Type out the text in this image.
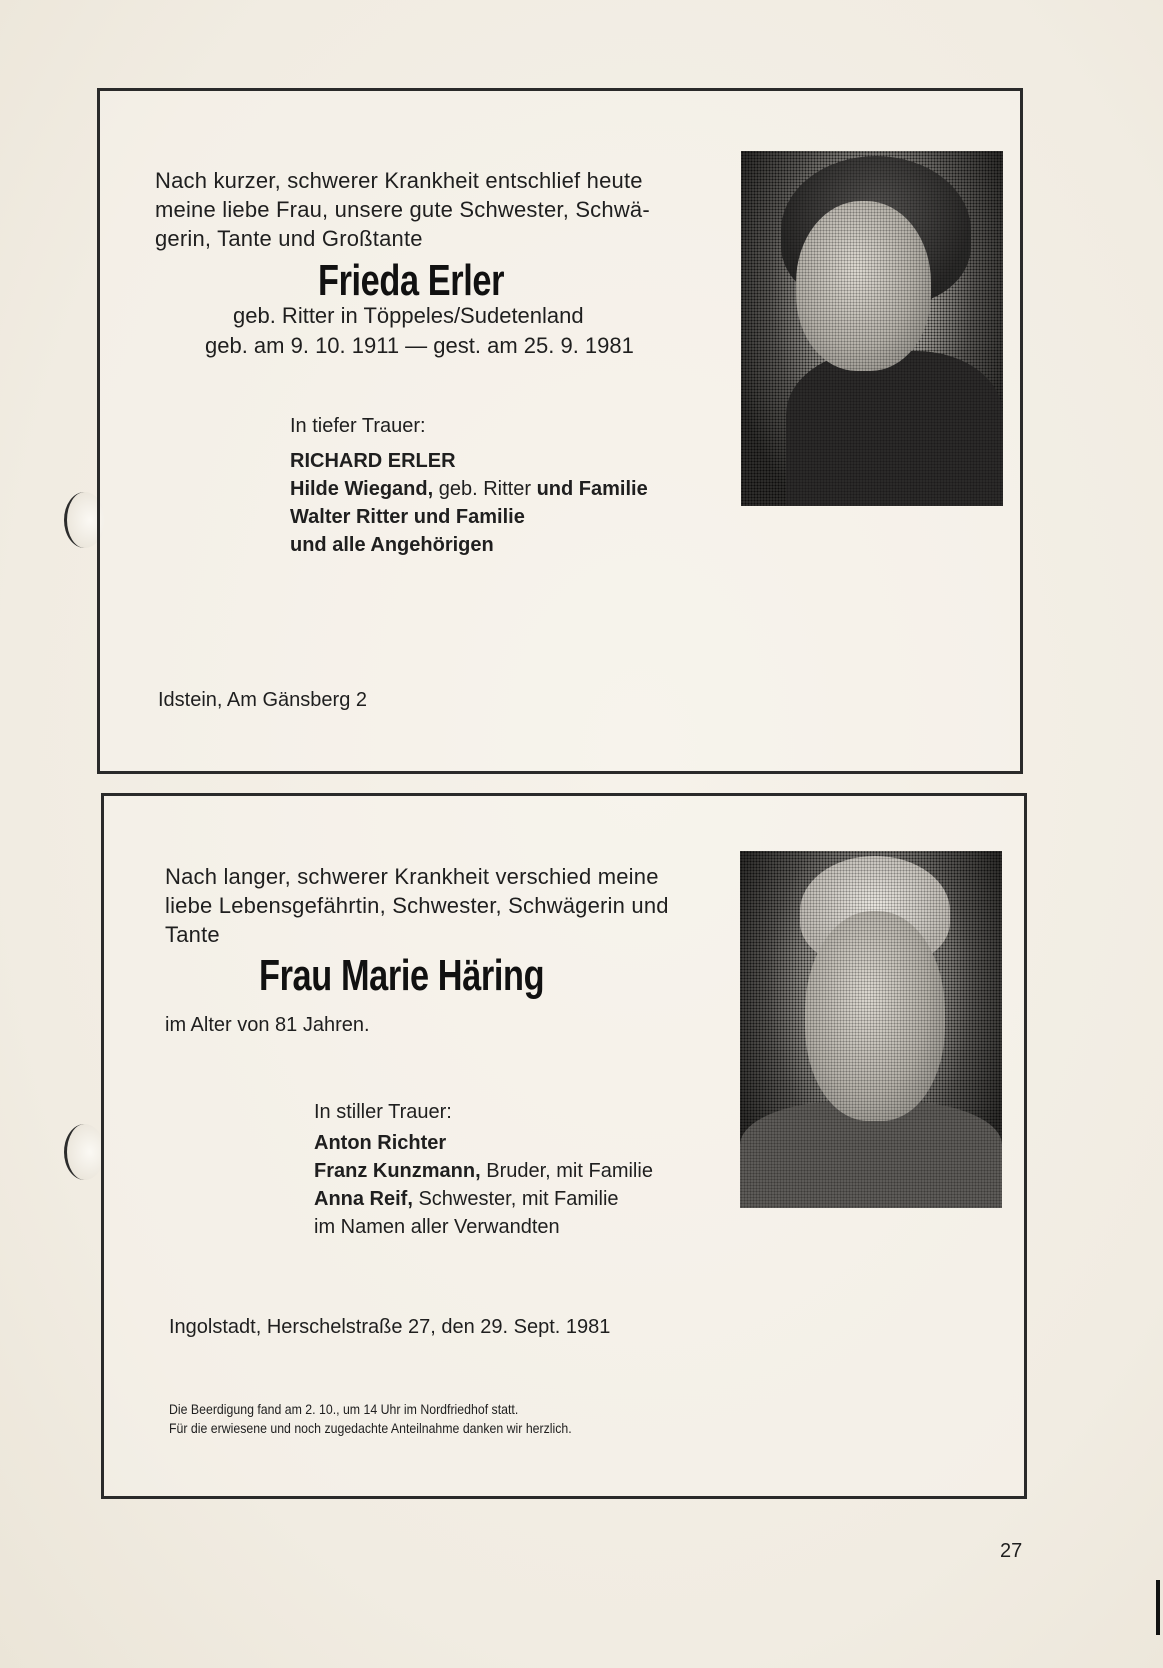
Nach kurzer, schwerer Krankheit entschlief heute
meine liebe Frau, unsere gute Schwester, Schwä-
gerin, Tante und Großtante
Frieda Erler
geb. Ritter in Töppeles/Sudetenland
geb. am 9. 10. 1911 — gest. am 25. 9. 1981
In tiefer Trauer:
RICHARD ERLER
Hilde Wiegand, geb. Ritter und Familie
Walter Ritter und Familie
und alle Angehörigen
Idstein, Am Gänsberg 2
Nach langer, schwerer Krankheit verschied meine
liebe Lebensgefährtin, Schwester, Schwägerin und
Tante
Frau Marie Häring
im Alter von 81 Jahren.
In stiller Trauer:
Anton Richter
Franz Kunzmann, Bruder, mit Familie
Anna Reif, Schwester, mit Familie
im Namen aller Verwandten
Ingolstadt, Herschelstraße 27, den 29. Sept. 1981
Die Beerdigung fand am 2. 10., um 14 Uhr im Nordfriedhof statt.
Für die erwiesene und noch zugedachte Anteilnahme danken wir herzlich.
27
